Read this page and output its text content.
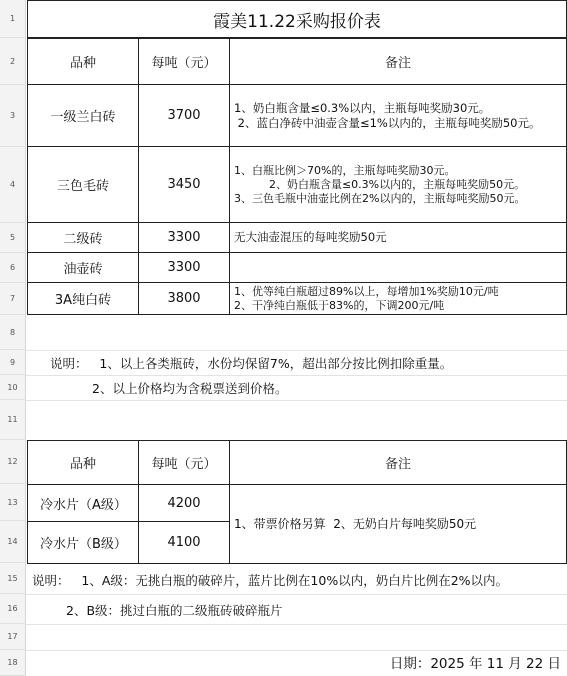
1
2
3
4
5
6
7
8
9
10
11
12
13
14
15
16
17
18
霞美11.22采购报价表
品种	每吨（元）	备注
一级兰白砖	3700
1、奶白瓶含量≤0.3%以内，主瓶每吨奖励30元。
2、蓝白净砖中油壶含量≤1%以内的，主瓶每吨奖励50元。
三色毛砖	3450
1、白瓶比例＞70%的，主瓶每吨奖励30元。
2、奶白瓶含量≤0.3%以内的，主瓶每吨奖励50元。          3、三色毛瓶中油壶比例在2%以内的，主瓶每吨奖励50元。
二级砖	3300	无大油壶混压的每吨奖励50元
油壶砖	3300
3A纯白砖	3800	1、优等纯白瓶超过89%以上，每增加1%奖励10元/吨
2、干净纯白瓶低于83%的，下调200元/吨
说明：   1、以上各类瓶砖，水份均保留7%，超出部分按比例扣除重量。
2、以上价格均为含税票送到价格。
品种	每吨（元）	备注
冷水片（A级）	4200
冷水片（B级）	4100
1、带票价格另算  2、无奶白片每吨奖励50元
说明：   1、A级：无挑白瓶的破碎片，蓝片比例在10%以内，奶白片比例在2%以内。
2、B级：挑过白瓶的二级瓶砖破碎瓶片
日期：2025 年 11 月 22 日
